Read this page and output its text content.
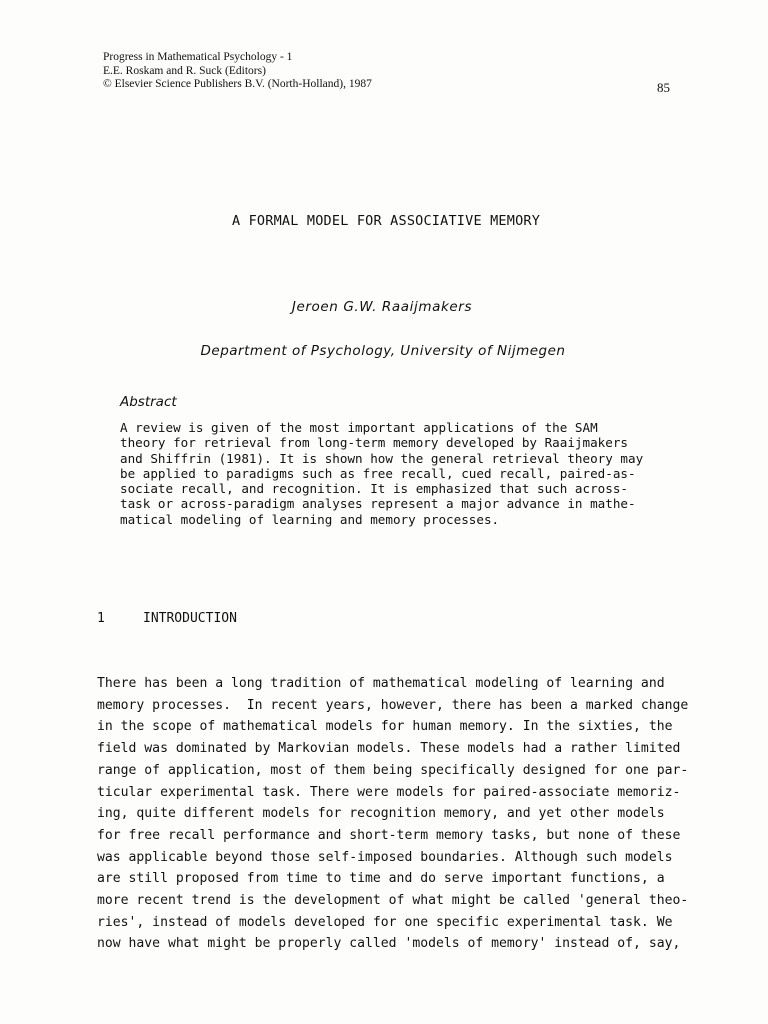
Progress in Mathematical Psychology - 1
E.E. Roskam and R. Suck (Editors)
© Elsevier Science Publishers B.V. (North-Holland), 1987	85
A FORMAL MODEL FOR ASSOCIATIVE MEMORY
Jeroen G.W. Raaijmakers
Department of Psychology, University of Nijmegen
Abstract
A review is given of the most important applications of the SAM
theory for retrieval from long-term memory developed by Raaijmakers
and Shiffrin (1981). It is shown how the general retrieval theory may
be applied to paradigms such as free recall, cued recall, paired-as-
sociate recall, and recognition. It is emphasized that such across-
task or across-paradigm analyses represent a major advance in mathe-
matical modeling of learning and memory processes.
1	INTRODUCTION
There has been a long tradition of mathematical modeling of learning and
memory processes.  In recent years, however, there has been a marked change
in the scope of mathematical models for human memory. In the sixties, the
field was dominated by Markovian models. These models had a rather limited
range of application, most of them being specifically designed for one par-
ticular experimental task. There were models for paired-associate memoriz-
ing, quite different models for recognition memory, and yet other models
for free recall performance and short-term memory tasks, but none of these
was applicable beyond those self-imposed boundaries. Although such models
are still proposed from time to time and do serve important functions, a
more recent trend is the development of what might be called 'general theo-
ries', instead of models developed for one specific experimental task. We
now have what might be properly called 'models of memory' instead of, say,
